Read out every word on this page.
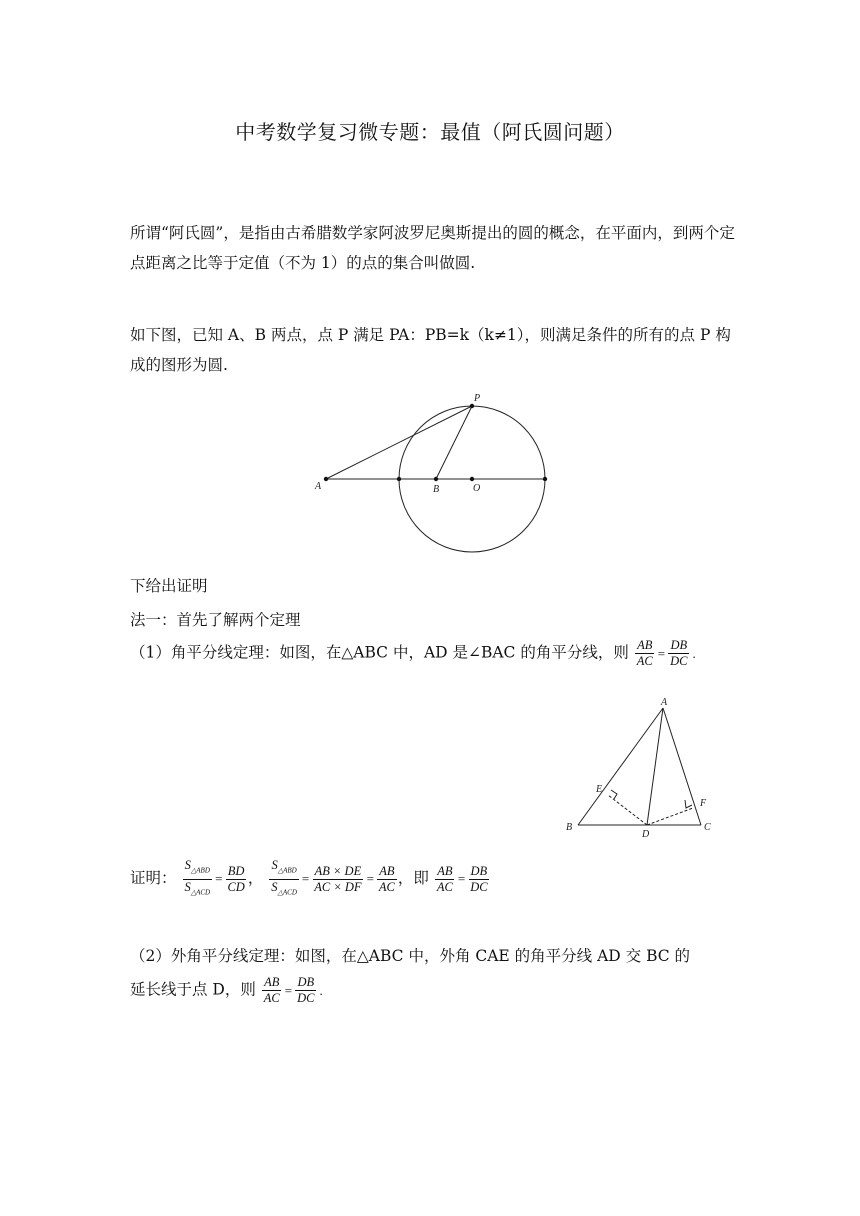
中考数学复习微专题：最值（阿氏圆问题）
所谓“阿氏圆”，是指由古希腊数学家阿波罗尼奥斯提出的圆的概念，在平面内，到两个定点距离之比等于定值（不为 1）的点的集合叫做圆.
如下图，已知 A、B 两点，点 P 满足 PA：PB=k（k≠1），则满足条件的所有的点 P 构成的图形为圆.
P
A	B	O
下给出证明
法一：首先了解两个定理
（1）角平分线定理：如图，在△ABC 中，AD 是∠BAC 的角平分线，则 $\frac{AB}{AC} = \frac{DB}{DC}$ .
A
B	C
D
E
F
证明： $\frac{S_{\triangle ABD}}{S_{\triangle ACD}} = \frac{BD}{CD}$ ， $\frac{S_{\triangle ABD}}{S_{\triangle ACD}} = \frac{AB \times DE}{AC \times DF} = \frac{AB}{AC}$ ，即 $\frac{AB}{AC} = \frac{DB}{DC}$
（2）外角平分线定理：如图，在△ABC 中，外角 CAE 的角平分线 AD 交 BC 的
延长线于点 D，则 $\frac{AB}{AC} = \frac{DB}{DC}$ .
